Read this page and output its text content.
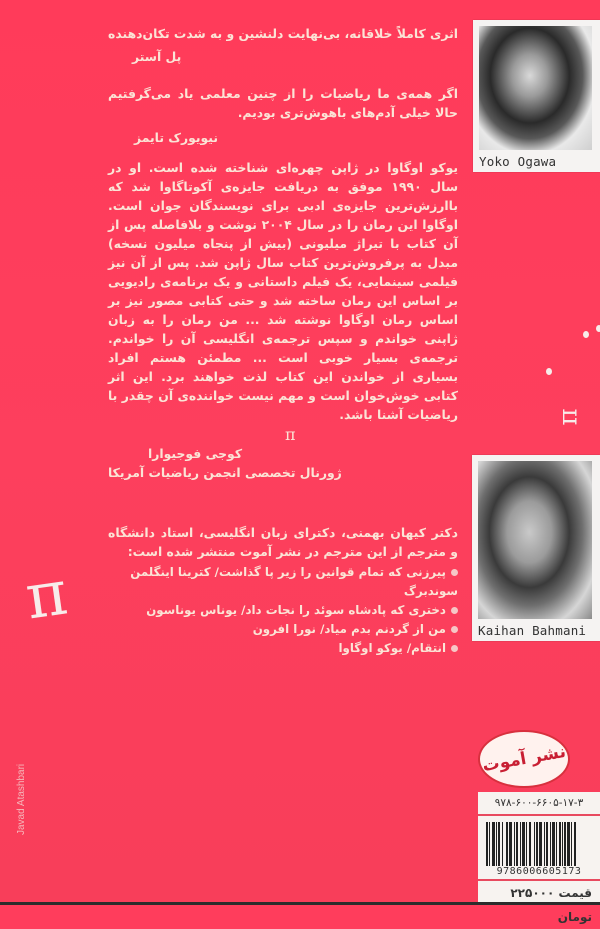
اثری کاملاً خلاقانه، بی‌نهایت دلنشین و به شدت تکان‌دهنده
پل آستر
اگر همه‌ی ما ریاضیات را از چنین معلمی یاد می‌گرفتیم حالا خیلی آدم‌های باهوش‌تری بودیم.
نیویورک تایمز

یوکو اوگاوا در ژاپن چهره‌ای شناخته شده است. او در سال ۱۹۹۰ موفق به دریافت جایزه‌ی آکوتاگاوا شد که باارزش‌ترین جایزه‌ی ادبی برای نویسندگان جوان است. اوگاوا این رمان را در سال ۲۰۰۴ نوشت و بلافاصله پس از آن کتاب با تیراژ میلیونی (بیش از پنجاه میلیون نسخه) مبدل به پرفروش‌ترین کتاب سال ژاپن شد. پس از آن نیز فیلمی سینمایی، یک فیلم داستانی و یک برنامه‌ی رادیویی بر اساس این رمان ساخته شد و حتی کتابی مصور نیز بر اساس رمان اوگاوا نوشته شد ... من رمان را به زبان ژاپنی خواندم و سپس ترجمه‌ی انگلیسی آن را خواندم. ترجمه‌ی بسیار خوبی است ... مطمئن هستم افراد بسیاری از خواندن این کتاب لذت خواهند برد. این اثر کتابی خوش‌خوان است و مهم نیست خواننده‌ی آن چقدر با ریاضیات آشنا باشد.

π
کوجی فوجیوارا
ژورنال تخصصی انجمن ریاضیات آمریکا
دکتر کیهان بهمنی، دکترای زبان انگلیسی، استاد دانشگاه و مترجم از این مترجم در نشر آموت منتشر شده است:
پیرزنی که تمام قوانین را زیر پا گذاشت/ کترینا اینگلمن سوندبرگ
دختری که پادشاه سوئد را نجات داد/ یوناس یوناسون
من از گردنم بدم میاد/ نورا افرون
انتقام/ یوکو اوگاوا
Yoko Ogawa
Kaihan Bahmani
π
π
Javad Atashbari
نشر آموت
۹۷۸-۶۰۰-۶۶۰۵-۱۷-۳
9786006605173
قیمت ۲۲۵۰۰۰ تومان
